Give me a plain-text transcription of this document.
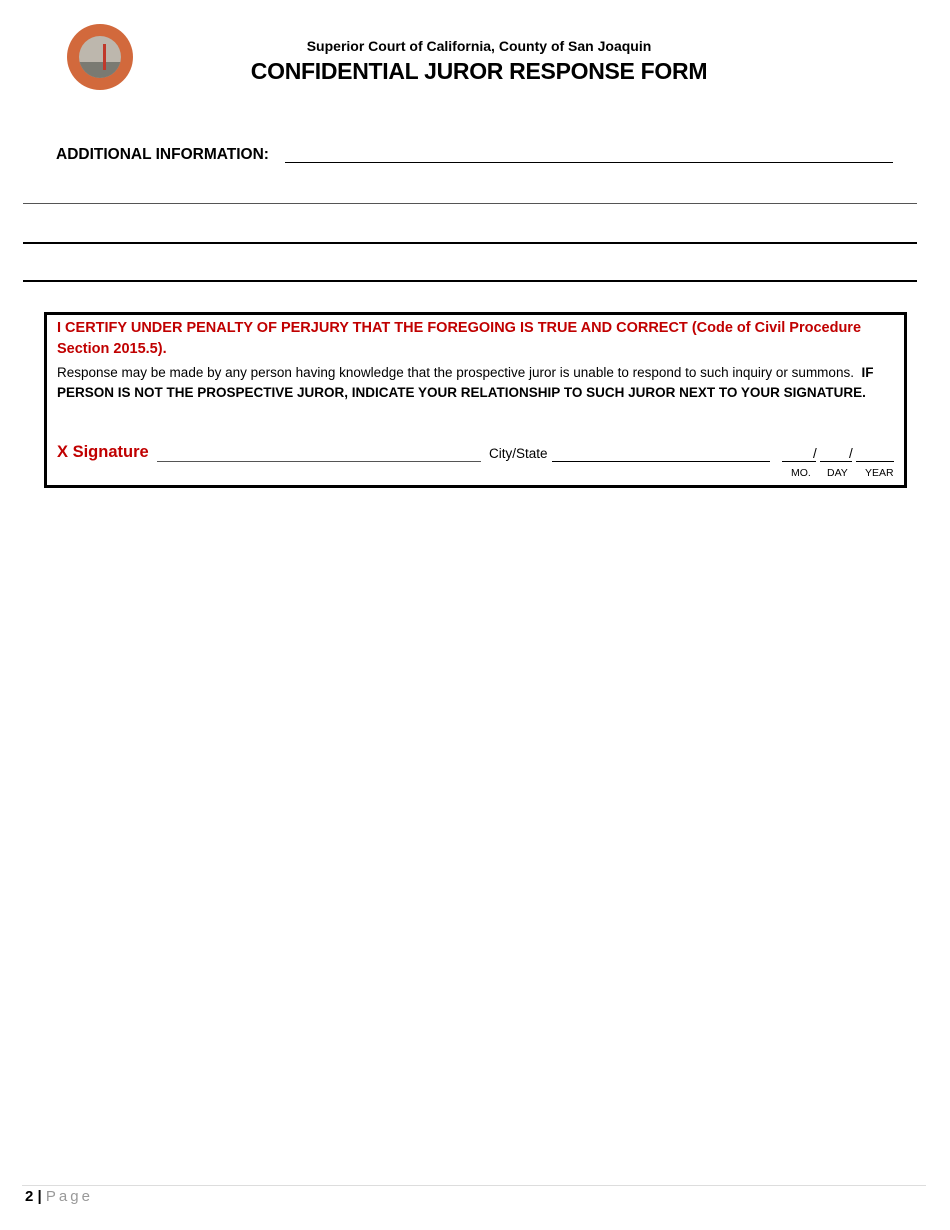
Superior Court of California, County of San Joaquin
CONFIDENTIAL JUROR RESPONSE FORM
ADDITIONAL INFORMATION:
I CERTIFY UNDER PENALTY OF PERJURY THAT THE FOREGOING IS TRUE AND CORRECT (Code of Civil Procedure Section 2015.5).
Response may be made by any person having knowledge that the prospective juror is unable to respond to such inquiry or summons. IF PERSON IS NOT THE PROSPECTIVE JUROR, INDICATE YOUR RELATIONSHIP TO SUCH JUROR NEXT TO YOUR SIGNATURE.
X Signature	City/State	/ /
MO. DAY YEAR
2 | Page
